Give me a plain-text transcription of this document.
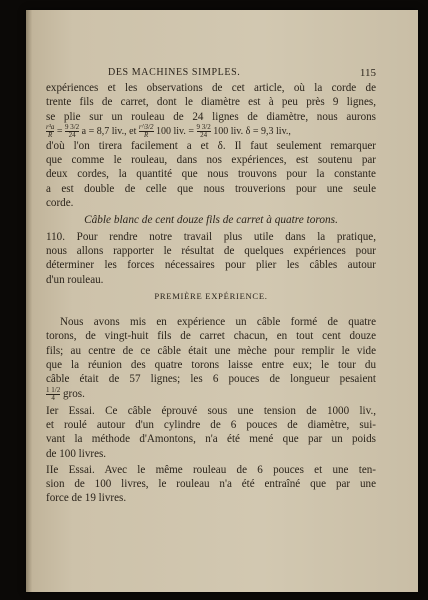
DES MACHINES SIMPLES.	115
expériences et les observations de cet article, où la corde de
trente fils de carret, dont le diamètre est à peu près 9 lignes,
se plie sur un rouleau de 24 lignes de diamètre, nous aurons
$\frac{\text{r³a}}{R} = \frac{9 3/2}{24}$ a = 8,7 liv., et $\frac{r\^{}3/2}{R} 100$ liv. = $\frac{9 3/2}{24} 100$ liv. δ = 9,3 liv.,
d'où l'on tirera facilement a et δ. Il faut seulement remarquer
que comme le rouleau, dans nos expériences, est soutenu par
deux cordes, la quantité que nous trouvons pour la constante
a est double de celle que nous trouverions pour une seule
corde.
Câble blanc de cent douze fils de carret à quatre torons.
110. Pour rendre notre travail plus utile dans la pratique,
nous allons rapporter le résultat de quelques expériences pour
déterminer les forces nécessaires pour plier les câbles autour
d'un rouleau.
PREMIÈRE EXPÉRIENCE.
Nous avons mis en expérience un câble formé de quatre
torons, de vingt-huit fils de carret chacun, en tout cent douze
fils; au centre de ce câble était une mèche pour remplir le vide
que la réunion des quatre torons laisse entre eux; le tour du
câble était de 57 lignes; les 6 pouces de longueur pesaient
$\frac{1 1/2}{4}$ gros.
Ier Essai. Ce câble éprouvé sous une tension de 1000 liv.,
et roulé autour d'un cylindre de 6 pouces de diamètre, sui-
vant la méthode d'Amontons, n'a été mené que par un poids
de 100 livres.
IIe Essai. Avec le même rouleau de 6 pouces et une ten-
sion de 100 livres, le rouleau n'a été entraîné que par une
force de 19 livres.
